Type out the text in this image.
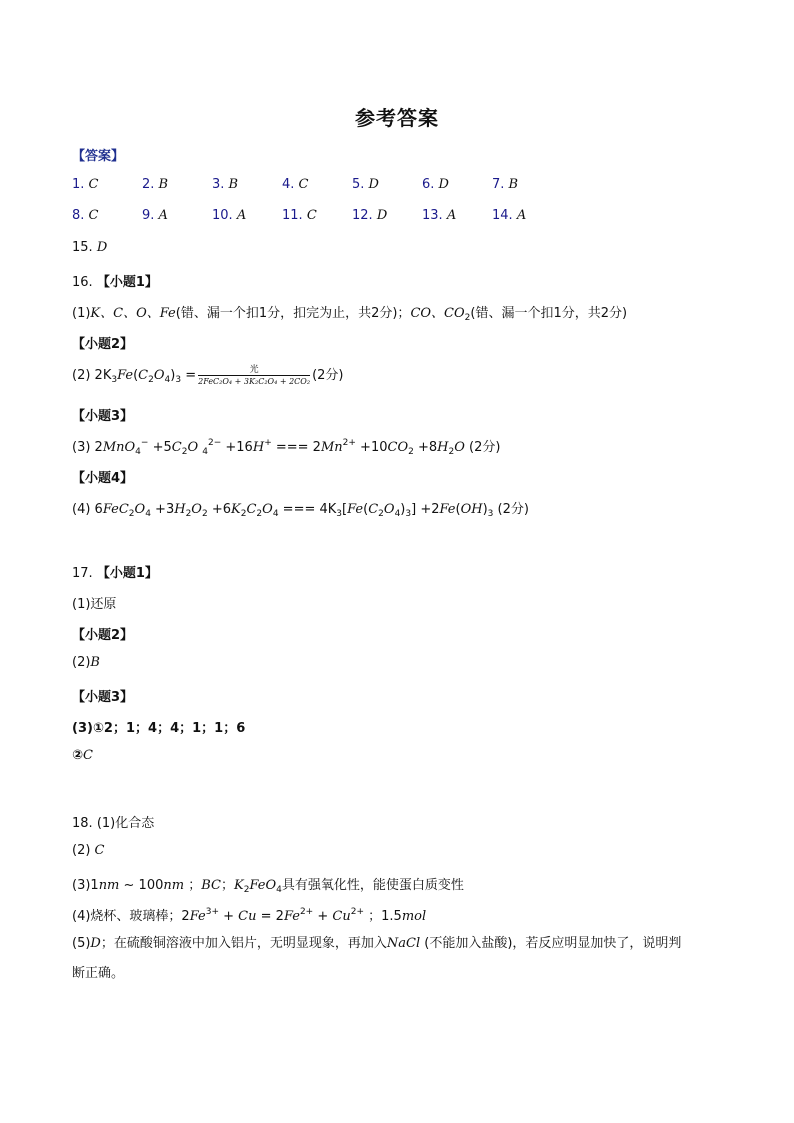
参考答案
【答案】
1. C	2. B	3. B	4. C	5. D	6. D	7. B
8. C	9. A	10. A	11. C	12. D	13. A	14. A
15. D
16. 【小题1】
(1)K、C、O、Fe(错、漏一个扣1分，扣完为止，共2分)；CO、$CO_2$(错、漏一个扣1分，共2分)
【小题2】
(2) $2K_3Fe(C_2O_4)_3 = \frac{\text{光}}{\text{2FeC₂O₄ + 3K₂C₂O₄ + 2CO₂}} (2$分)
【小题3】
(3) $2MnO_4^- +5C_2O$ $_4^{2-}$ +16H+ === $2Mn^{2+} +10CO_2 +8H_2O$ (2分)
【小题4】
(4) $6FeC_2O_4 +3H_2O_2 +6K_2C_2O_4$ === $4K_3[Fe(C_2O_4)_3] +2Fe(OH)_3$ (2分)
17. 【小题1】
(1)还原
【小题2】
(2)B
【小题3】
(3)①2；1；4；4；1；1；6
②C
18. (1)化合态
(2) C
(3)1nm ~ 100nm ；BC；$K_2FeO_4$具有强氧化性，能使蛋白质变性
(4)烧杯、玻璃棒；$2Fe^{3+} + Cu = 2Fe^{2+} + Cu^{2+}$ ；1.5mol
(5)D；在硫酸铜溶液中加入铝片，无明显现象，再加入NaCl (不能加入盐酸)，若反应明显加快了，说明判
断正确。
